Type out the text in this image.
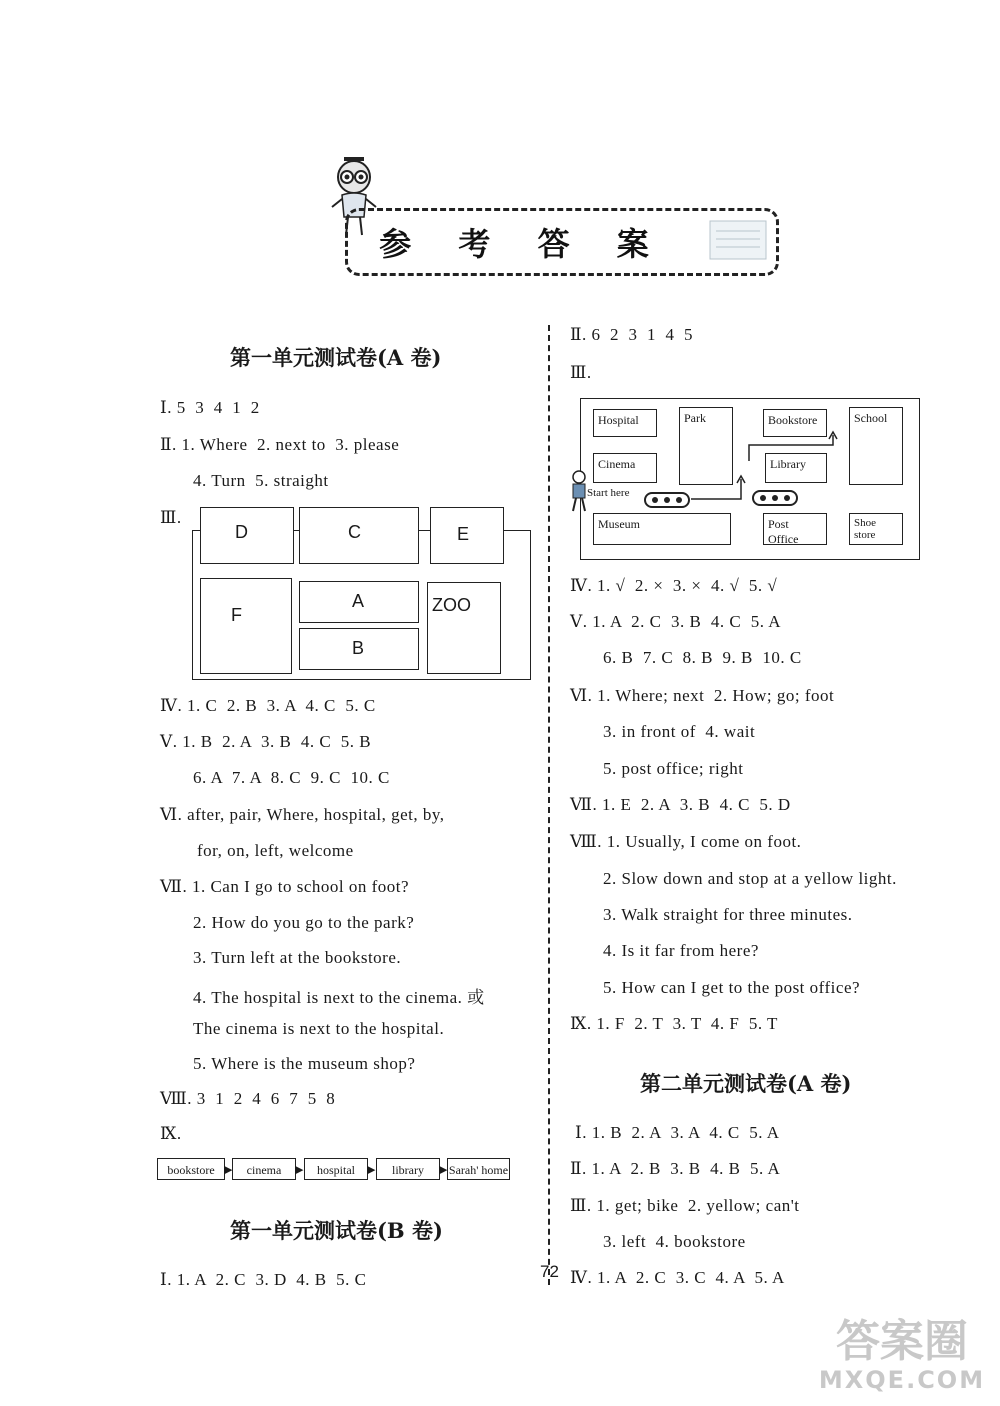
参 考 答 案
第一单元测试卷(A 卷)
Ⅰ. 5  3  4  1  2
Ⅱ. 1. Where  2. next to  3. please
4. Turn  5. straight
Ⅲ.
D	C	E
F
A
B
ZOO
Ⅳ. 1. C  2. B  3. A  4. C  5. C
Ⅴ. 1. B  2. A  3. B  4. C  5. B
6. A  7. A  8. C  9. C  10. C
Ⅵ. after, pair, Where, hospital, get, by,
for, on, left, welcome
Ⅶ. 1. Can I go to school on foot?
2. How do you go to the park?
3. Turn left at the bookstore.
4. The hospital is next to the cinema. 或
The cinema is next to the hospital.
5. Where is the museum shop?
Ⅷ. 3  1  2  4  6  7  5  8
Ⅸ.
bookstore ▶	cinema	▶	hospital	▶	library	▶ Sarah' home
第一单元测试卷(B 卷)
Ⅰ. 1. A  2. C  3. D  4. B  5. C
Ⅱ. 6  2  3  1  4  5
Ⅲ.
Hospital	Park	Bookstore	School
Cinema	Library
Start here
Museum	Post Office
Shoe store
Ⅳ. 1. √  2. ×  3. ×  4. √  5. √
Ⅴ. 1. A  2. C  3. B  4. C  5. A
6. B  7. C  8. B  9. B  10. C
Ⅵ. 1. Where; next  2. How; go; foot
3. in front of  4. wait
5. post office; right
Ⅶ. 1. E  2. A  3. B  4. C  5. D
Ⅷ. 1. Usually, I come on foot.
2. Slow down and stop at a yellow light.
3. Walk straight for three minutes.
4. Is it far from here?
5. How can I get to the post office?
Ⅸ. 1. F  2. T  3. T  4. F  5. T
第二单元测试卷(A 卷)
Ⅰ. 1. B  2. A  3. A  4. C  5. A
Ⅱ. 1. A  2. B  3. B  4. B  5. A
Ⅲ. 1. get; bike  2. yellow; can't
3. left  4. bookstore
Ⅳ. 1. A  2. C  3. C  4. A  5. A
72
答案圈
MXQE.COM
